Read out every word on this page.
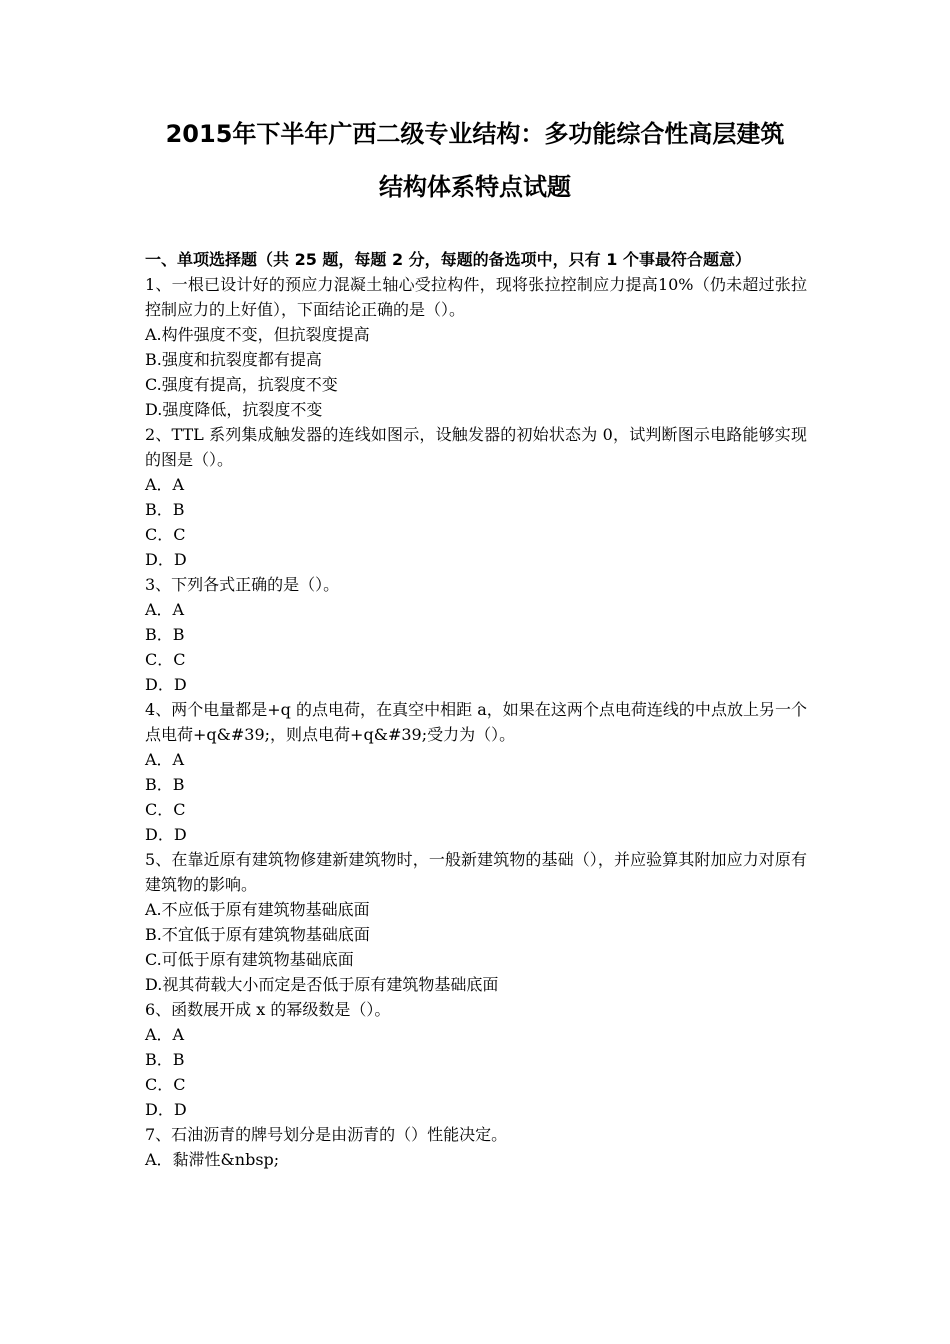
2015年下半年广西二级专业结构：多功能综合性高层建筑
结构体系特点试题
一、单项选择题（共 25 题，每题 2 分，每题的备选项中，只有 1 个事最符合题意）
1、一根已设计好的预应力混凝土轴心受拉构件，现将张拉控制应力提高10%（仍未超过张拉控制应力的上好值），下面结论正确的是（）。
A.构件强度不变，但抗裂度提高
B.强度和抗裂度都有提高
C.强度有提高，抗裂度不变
D.强度降低，抗裂度不变
2、TTL 系列集成触发器的连线如图示，设触发器的初始状态为 0，试判断图示电路能够实现的图是（）。
A．A
B．B
C．C
D．D
3、下列各式正确的是（）。
A．A
B．B
C．C
D．D
4、两个电量都是+q 的点电荷，在真空中相距 a，如果在这两个点电荷连线的中点放上另一个点电荷+q&#39;，则点电荷+q&#39;受力为（）。
A．A
B．B
C．C
D．D
5、在靠近原有建筑物修建新建筑物时，一般新建筑物的基础（），并应验算其附加应力对原有建筑物的影响。
A.不应低于原有建筑物基础底面
B.不宜低于原有建筑物基础底面
C.可低于原有建筑物基础底面
D.视其荷载大小而定是否低于原有建筑物基础底面
6、函数展开成 x 的幂级数是（）。
A．A
B．B
C．C
D．D
7、石油沥青的牌号划分是由沥青的（）性能决定。
A．黏滞性&nbsp;
